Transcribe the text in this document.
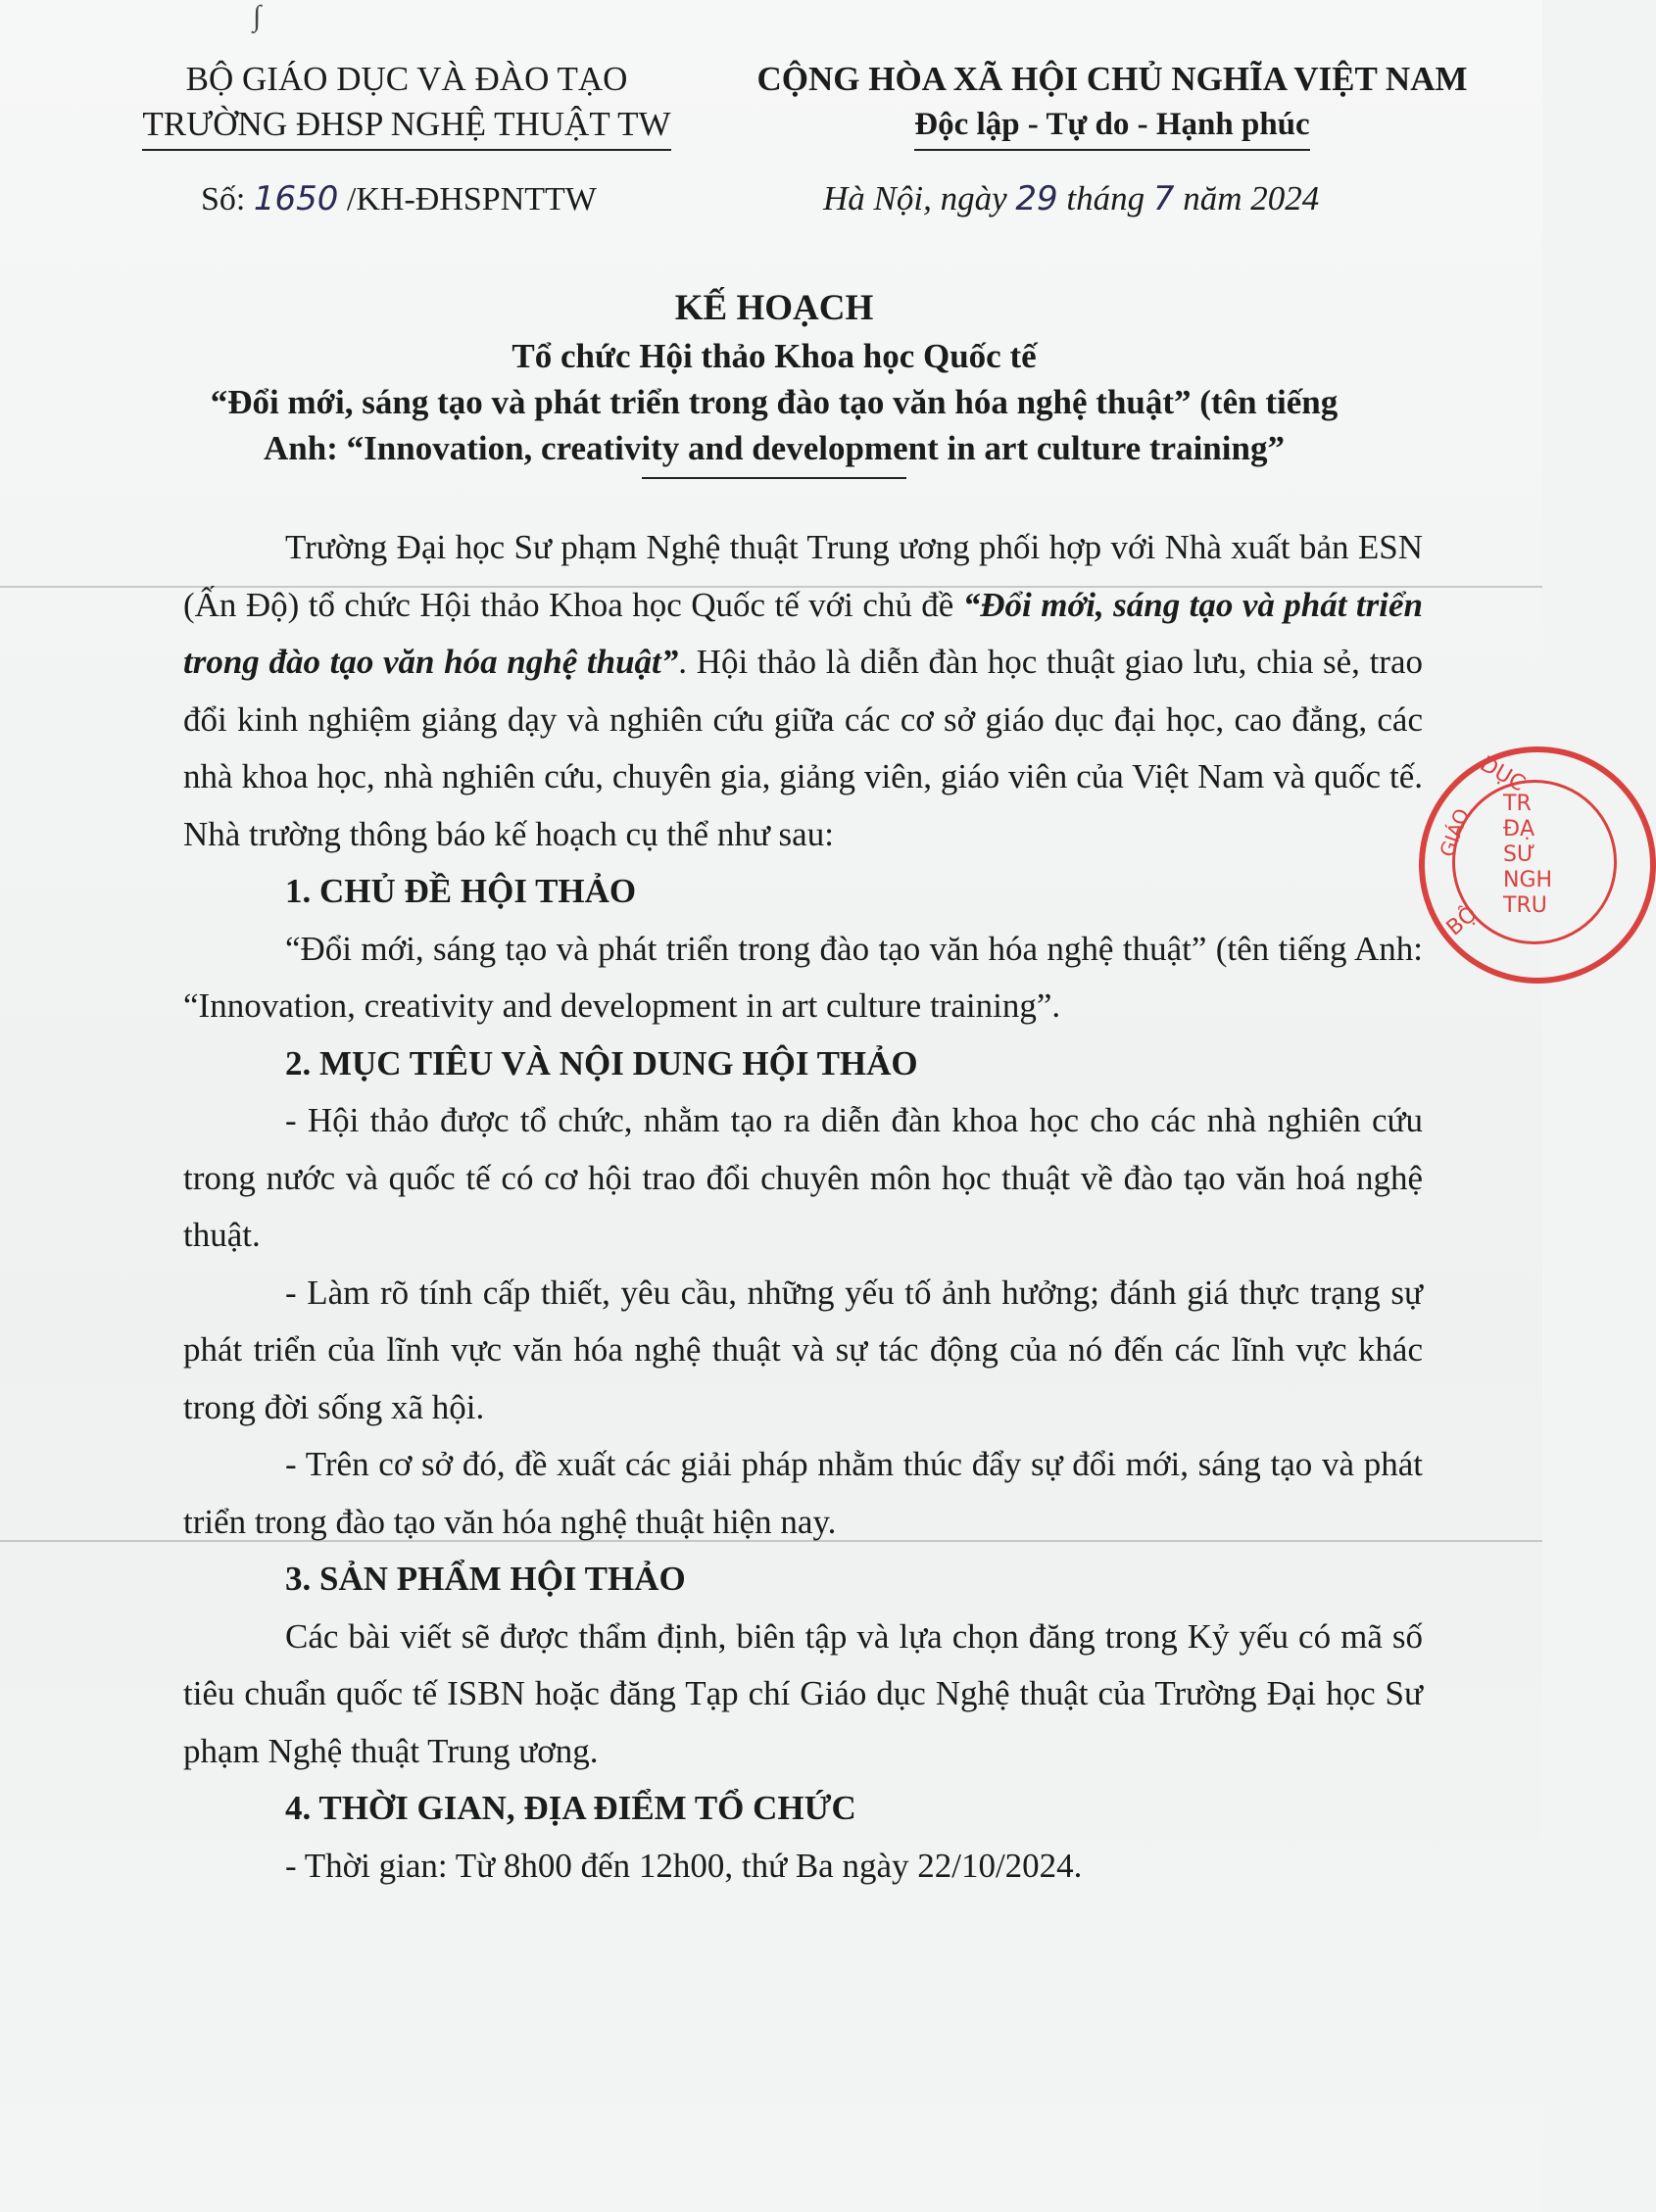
∫
BỘ GIÁO DỤC VÀ ĐÀO TẠO
TRƯỜNG ĐHSP NGHỆ THUẬT TW
CỘNG HÒA XÃ HỘI CHỦ NGHĨA VIỆT NAM
Độc lập - Tự do - Hạnh phúc
Số: 1650 /KH-ĐHSPNTTW	Hà Nội, ngày 29 tháng 7 năm 2024
KẾ HOẠCH
Tổ chức Hội thảo Khoa học Quốc tế
“Đổi mới, sáng tạo và phát triển trong đào tạo văn hóa nghệ thuật” (tên tiếng
Anh: “Innovation, creativity and development in art culture training”

Trường Đại học Sư phạm Nghệ thuật Trung ương phối hợp với Nhà xuất bản ESN (Ấn Độ) tổ chức Hội thảo Khoa học Quốc tế với chủ đề “Đổi mới, sáng tạo và phát triển trong đào tạo văn hóa nghệ thuật”. Hội thảo là diễn đàn học thuật giao lưu, chia sẻ, trao đổi kinh nghiệm giảng dạy và nghiên cứu giữa các cơ sở giáo dục đại học, cao đẳng, các nhà khoa học, nhà nghiên cứu, chuyên gia, giảng viên, giáo viên của Việt Nam và quốc tế. Nhà trường thông báo kế hoạch cụ thể như sau:

1. CHỦ ĐỀ HỘI THẢO

“Đổi mới, sáng tạo và phát triển trong đào tạo văn hóa nghệ thuật” (tên tiếng Anh: “Innovation, creativity and development in art culture training”.

2. MỤC TIÊU VÀ NỘI DUNG HỘI THẢO

- Hội thảo được tổ chức, nhằm tạo ra diễn đàn khoa học cho các nhà nghiên cứu trong nước và quốc tế có cơ hội trao đổi chuyên môn học thuật về đào tạo văn hoá nghệ thuật.

- Làm rõ tính cấp thiết, yêu cầu, những yếu tố ảnh hưởng; đánh giá thực trạng sự phát triển của lĩnh vực văn hóa nghệ thuật và sự tác động của nó đến các lĩnh vực khác trong đời sống xã hội.

- Trên cơ sở đó, đề xuất các giải pháp nhằm thúc đẩy sự đổi mới, sáng tạo và phát triển trong đào tạo văn hóa nghệ thuật hiện nay.

3. SẢN PHẨM HỘI THẢO

Các bài viết sẽ được thẩm định, biên tập và lựa chọn đăng trong Kỷ yếu có mã số tiêu chuẩn quốc tế ISBN hoặc đăng Tạp chí Giáo dục Nghệ thuật của Trường Đại học Sư phạm Nghệ thuật Trung ương.

4. THỜI GIAN, ĐỊA ĐIỂM TỔ CHỨC

- Thời gian: Từ 8h00 đến 12h00, thứ Ba ngày 22/10/2024.

DỤC
GIÁO
BỘ
TR
ĐẠ
SƯ
NGH
TRU
